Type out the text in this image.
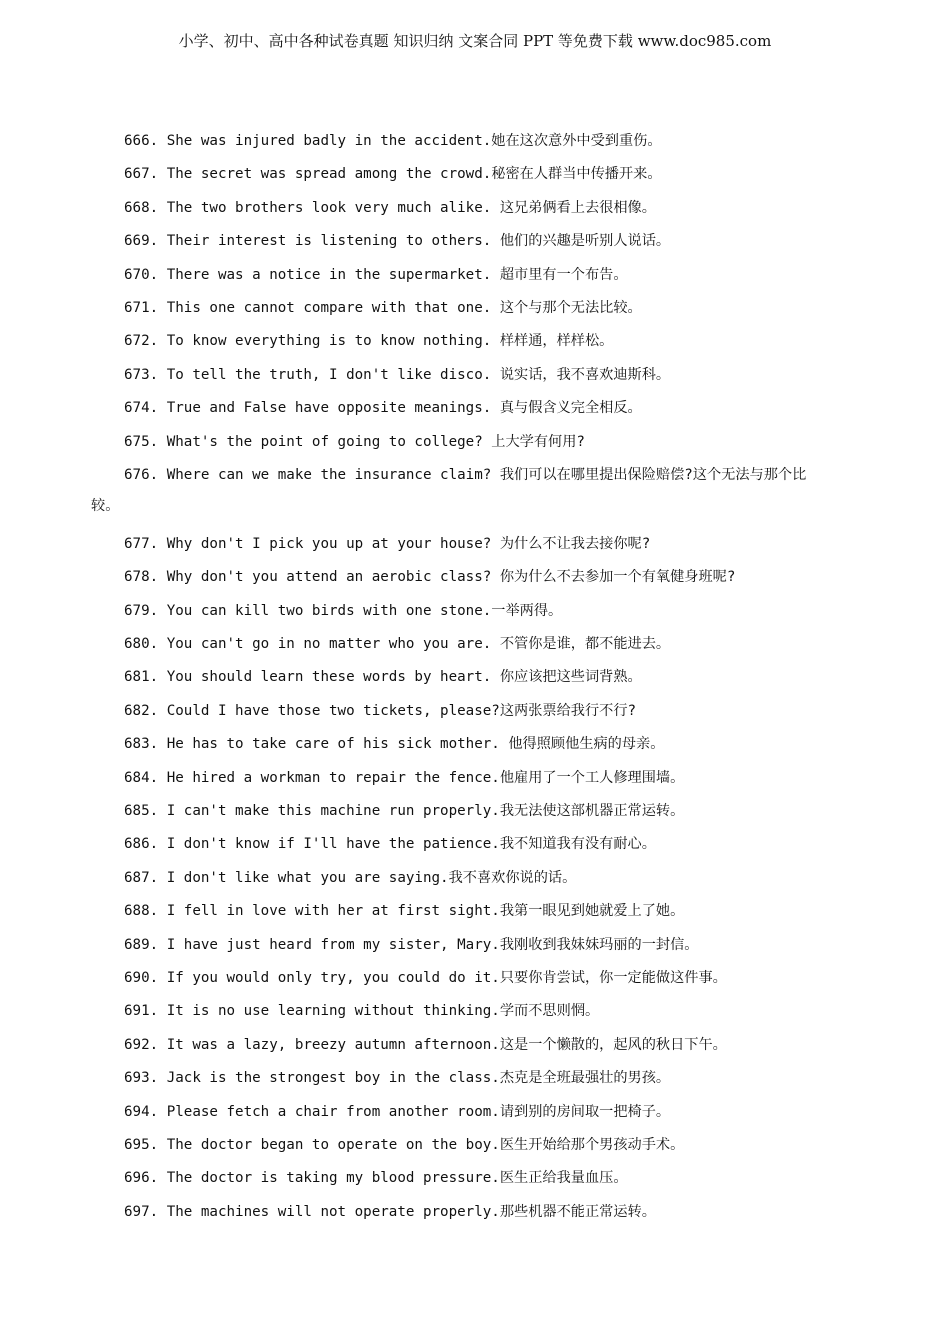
小学、初中、高中各种试卷真题 知识归纳 文案合同 PPT 等免费下载 www.doc985.com
666. She was injured badly in the accident.她在这次意外中受到重伤。
667. The secret was spread among the crowd.秘密在人群当中传播开来。
668. The two brothers look very much alike. 这兄弟俩看上去很相像。
669. Their interest is listening to others. 他们的兴趣是听别人说话。
670. There was a notice in the supermarket. 超市里有一个布告。
671. This one cannot compare with that one. 这个与那个无法比较。
672. To know everything is to know nothing. 样样通，样样松。
673. To tell the truth, I don't like disco. 说实话，我不喜欢迪斯科。
674. True and False have opposite meanings. 真与假含义完全相反。
675. What's the point of going to college? 上大学有何用?
676. Where can we make the insurance claim? 我们可以在哪里提出保险赔偿?这个无法与那个比
较。
677. Why don't I pick you up at your house? 为什么不让我去接你呢?
678. Why don't you attend an aerobic class? 你为什么不去参加一个有氧健身班呢?
679. You can kill two birds with one stone.一举两得。
680. You can't go in no matter who you are. 不管你是谁，都不能进去。
681. You should learn these words by heart. 你应该把这些词背熟。
682. Could I have those two tickets, please?这两张票给我行不行?
683. He has to take care of his sick mother. 他得照顾他生病的母亲。
684. He hired a workman to repair the fence.他雇用了一个工人修理围墙。
685. I can't make this machine run properly.我无法使这部机器正常运转。
686. I don't know if I'll have the patience.我不知道我有没有耐心。
687. I don't like what you are saying.我不喜欢你说的话。
688. I fell in love with her at first sight.我第一眼见到她就爱上了她。
689. I have just heard from my sister, Mary.我刚收到我妹妹玛丽的一封信。
690. If you would only try, you could do it.只要你肯尝试，你一定能做这件事。
691. It is no use learning without thinking.学而不思则惘。
692. It was a lazy, breezy autumn afternoon.这是一个懒散的，起风的秋日下午。
693. Jack is the strongest boy in the class.杰克是全班最强壮的男孩。
694. Please fetch a chair from another room.请到别的房间取一把椅子。
695. The doctor began to operate on the boy.医生开始给那个男孩动手术。
696. The doctor is taking my blood pressure.医生正给我量血压。
697. The machines will not operate properly.那些机器不能正常运转。
